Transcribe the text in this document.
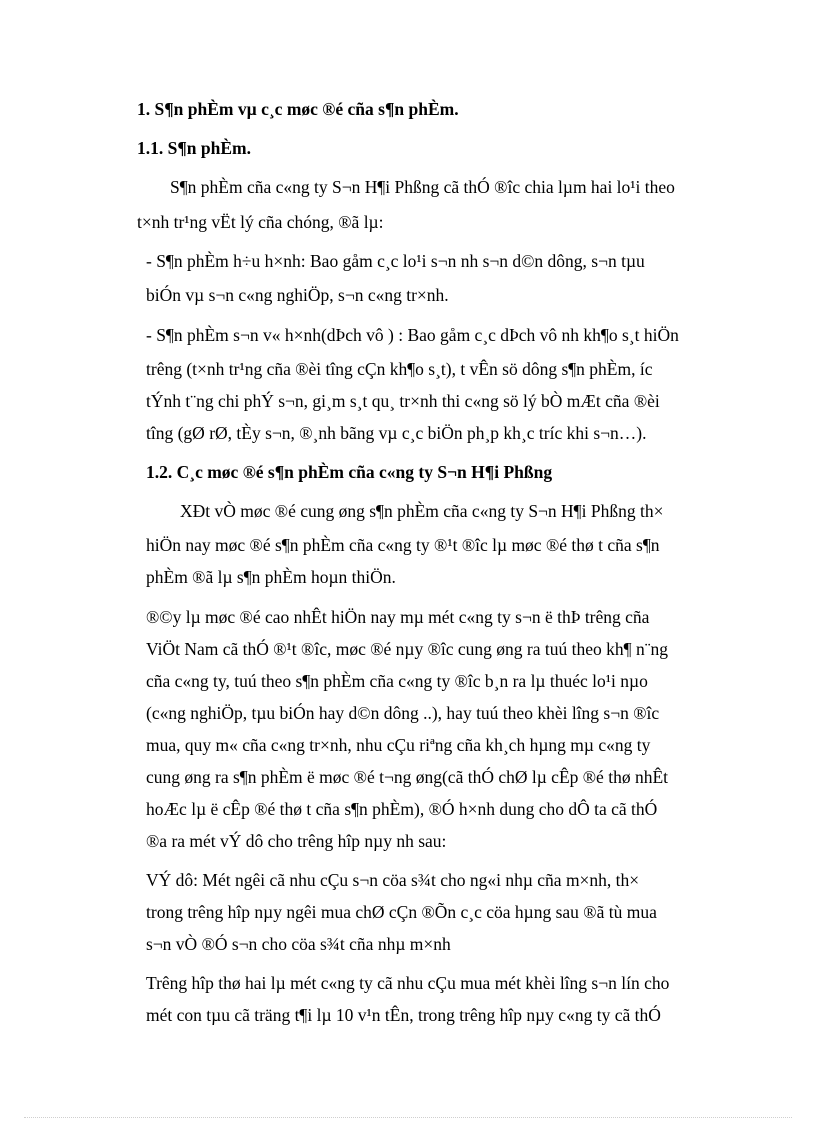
1. S¶n phÈm vµ c¸c møc ®é cña s¶n phÈm.
1.1. S¶n phÈm.
S¶n phÈm cña c«ng ty S¬n H¶i Phßng cã thÓ ®îc chia lµm hai lo¹i theo
t×nh tr¹ng vËt lý cña chóng, ®ã lµ:
- S¶n phÈm h÷u h×nh: Bao gåm c¸c lo¹i s¬n nh s¬n d©n dông, s¬n tµu
biÓn vµ s¬n c«ng nghiÖp, s¬n c«ng tr×nh.
- S¶n phÈm s¬n v« h×nh(dÞch vô ) : Bao gåm c¸c dÞch vô nh kh¶o s¸t hiÖn
trêng (t×nh tr¹ng cña ®èi tîng cÇn kh¶o s¸t), t vÊn sö dông s¶n phÈm, íc
tÝnh t¨ng chi phÝ s¬n, gi¸m s¸t qu¸ tr×nh thi c«ng sö lý bÒ mÆt cña ®èi
tîng (gØ rØ, tÈy s¬n, ®¸nh bãng vµ c¸c biÖn ph¸p kh¸c tríc khi s¬n…).
1.2. C¸c møc ®é s¶n phÈm cña c«ng ty S¬n H¶i Phßng
XÐt vÒ møc ®é cung øng s¶n phÈm cña c«ng ty S¬n H¶i Phßng th×
hiÖn nay møc ®é s¶n phÈm cña c«ng ty ®¹t ®îc lµ møc ®é thø t cña s¶n
phÈm ®ã lµ s¶n phÈm hoµn thiÖn.
®©y lµ møc ®é cao nhÊt hiÖn nay mµ mét c«ng ty s¬n ë thÞ trêng cña
ViÖt Nam cã thÓ ®¹t ®îc, møc ®é nµy ®îc cung øng ra tuú theo kh¶ n¨ng
cña c«ng ty, tuú theo s¶n phÈm cña c«ng ty ®îc b¸n ra lµ thuéc lo¹i nµo
(c«ng nghiÖp, tµu biÓn hay d©n dông ..), hay tuú theo khèi lîng s¬n ®îc
mua, quy m« cña c«ng tr×nh, nhu cÇu riªng cña kh¸ch hµng mµ c«ng ty
cung øng ra s¶n phÈm ë møc ®é t¬ng øng(cã thÓ chØ lµ cÊp ®é thø nhÊt
hoÆc lµ ë cÊp ®é thø t cña s¶n phÈm), ®Ó h×nh dung cho dÔ ta cã thÓ
®a ra mét vÝ dô cho trêng hîp nµy nh sau:
VÝ dô: Mét ngêi cã nhu cÇu s¬n cöa s¾t cho ng«i nhµ cña m×nh, th×
trong trêng hîp nµy ngêi mua chØ cÇn ®Õn c¸c cöa hµng sau ®ã tù mua
s¬n vÒ ®Ó s¬n cho cöa s¾t cña nhµ m×nh
Trêng hîp thø hai lµ mét c«ng ty cã nhu cÇu mua mét khèi lîng s¬n lín cho
mét con tµu cã träng t¶i lµ 10 v¹n tÊn, trong trêng hîp nµy c«ng ty cã thÓ
